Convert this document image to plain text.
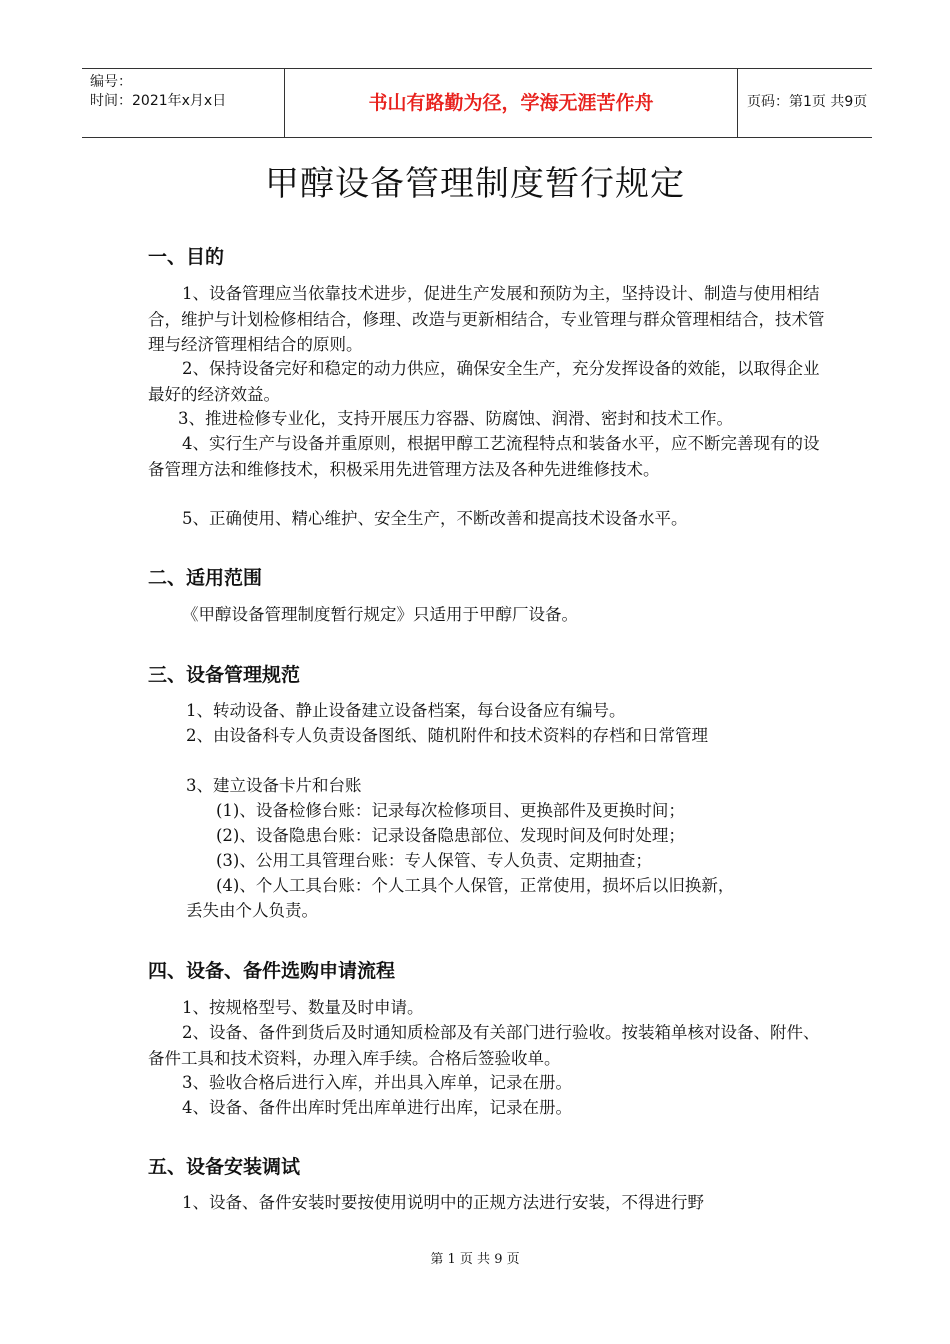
编号：
时间：2021年x月x日	书山有路勤为径，学海无涯苦作舟	页码：第1页 共9页
甲醇设备管理制度暂行规定
一、目的
1、设备管理应当依靠技术进步，促进生产发展和预防为主，坚持设计、制造与使用相结合，维护与计划检修相结合，修理、改造与更新相结合，专业管理与群众管理相结合，技术管理与经济管理相结合的原则。
2、保持设备完好和稳定的动力供应，确保安全生产，充分发挥设备的效能，以取得企业最好的经济效益。
3、推进检修专业化，支持开展压力容器、防腐蚀、润滑、密封和技术工作。
4、实行生产与设备并重原则，根据甲醇工艺流程特点和装备水平，应不断完善现有的设备管理方法和维修技术，积极采用先进管理方法及各种先进维修技术。
5、正确使用、精心维护、安全生产，不断改善和提高技术设备水平。
二、适用范围
《甲醇设备管理制度暂行规定》只适用于甲醇厂设备。
三、设备管理规范
1、转动设备、静止设备建立设备档案，每台设备应有编号。
2、由设备科专人负责设备图纸、随机附件和技术资料的存档和日常管理
3、建立设备卡片和台账
(1)、设备检修台账：记录每次检修项目、更换部件及更换时间；
(2)、设备隐患台账：记录设备隐患部位、发现时间及何时处理；
(3)、公用工具管理台账：专人保管、专人负责、定期抽查；
(4)、个人工具台账：个人工具个人保管，正常使用，损坏后以旧换新，
丢失由个人负责。
四、设备、备件选购申请流程
1、按规格型号、数量及时申请。
2、设备、备件到货后及时通知质检部及有关部门进行验收。按装箱单核对设备、附件、备件工具和技术资料，办理入库手续。合格后签验收单。
3、验收合格后进行入库，并出具入库单，记录在册。
4、设备、备件出库时凭出库单进行出库，记录在册。
五、设备安装调试
1、设备、备件安装时要按使用说明中的正规方法进行安装，不得进行野
第 1 页 共 9 页
